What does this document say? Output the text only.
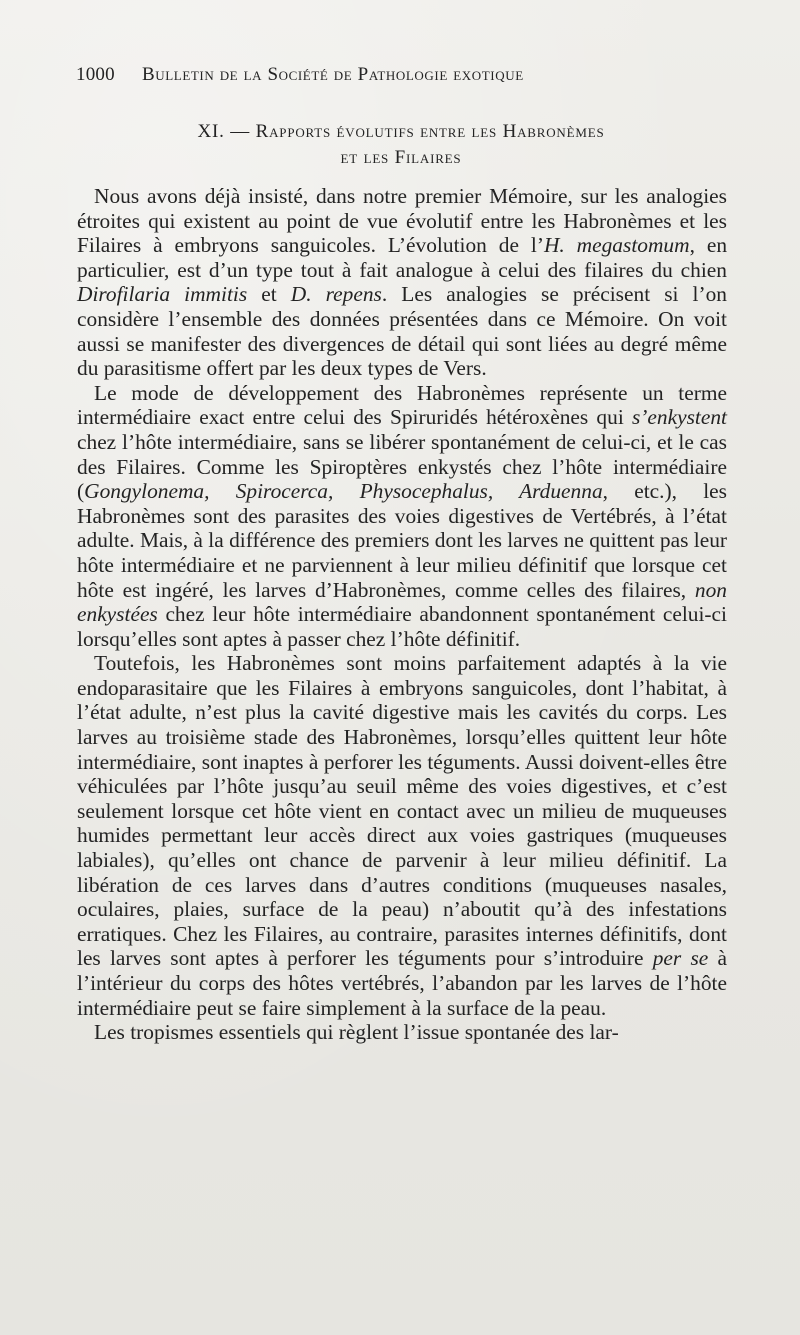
1000 Bulletin de la Société de Pathologie exotique
XI. — Rapports évolutifs entre les Habronèmes
et les Filaires

Nous avons déjà insisté, dans notre premier Mémoire, sur les analogies étroites qui existent au point de vue évolutif entre les Habronèmes et les Filaires à embryons sanguicoles. L’évolution de l’H. megastomum, en particulier, est d’un type tout à fait analogue à celui des filaires du chien Dirofilaria immitis et D. repens. Les analogies se précisent si l’on considère l’ensemble des données présentées dans ce Mémoire. On voit aussi se manifester des divergences de détail qui sont liées au degré même du parasitisme offert par les deux types de Vers.

Le mode de développement des Habronèmes représente un terme intermédiaire exact entre celui des Spiruridés hétéroxènes qui s’enkystent chez l’hôte intermédiaire, sans se libérer spontanément de celui-ci, et le cas des Filaires. Comme les Spiroptères enkystés chez l’hôte intermédiaire (Gongylonema, Spirocerca, Physocephalus, Arduenna, etc.), les Habronèmes sont des parasites des voies digestives de Vertébrés, à l’état adulte. Mais, à la différence des premiers dont les larves ne quittent pas leur hôte intermédiaire et ne parviennent à leur milieu définitif que lorsque cet hôte est ingéré, les larves d’Habronèmes, comme celles des filaires, non enkystées chez leur hôte intermédiaire abandonnent spontanément celui-ci lorsqu’elles sont aptes à passer chez l’hôte définitif.

Toutefois, les Habronèmes sont moins parfaitement adaptés à la vie endoparasitaire que les Filaires à embryons sanguicoles, dont l’habitat, à l’état adulte, n’est plus la cavité digestive mais les cavités du corps. Les larves au troisième stade des Habronèmes, lorsqu’elles quittent leur hôte intermédiaire, sont inaptes à perforer les téguments. Aussi doivent-elles être véhiculées par l’hôte jusqu’au seuil même des voies digestives, et c’est seulement lorsque cet hôte vient en contact avec un milieu de muqueuses humides permettant leur accès direct aux voies gastriques (muqueuses labiales), qu’elles ont chance de parvenir à leur milieu définitif. La libération de ces larves dans d’autres conditions (muqueuses nasales, oculaires, plaies, surface de la peau) n’aboutit qu’à des infestations erratiques. Chez les Filaires, au contraire, parasites internes définitifs, dont les larves sont aptes à perforer les téguments pour s’introduire per se à l’intérieur du corps des hôtes vertébrés, l’abandon par les larves de l’hôte intermédiaire peut se faire simplement à la surface de la peau.

Les tropismes essentiels qui règlent l’issue spontanée des lar-
